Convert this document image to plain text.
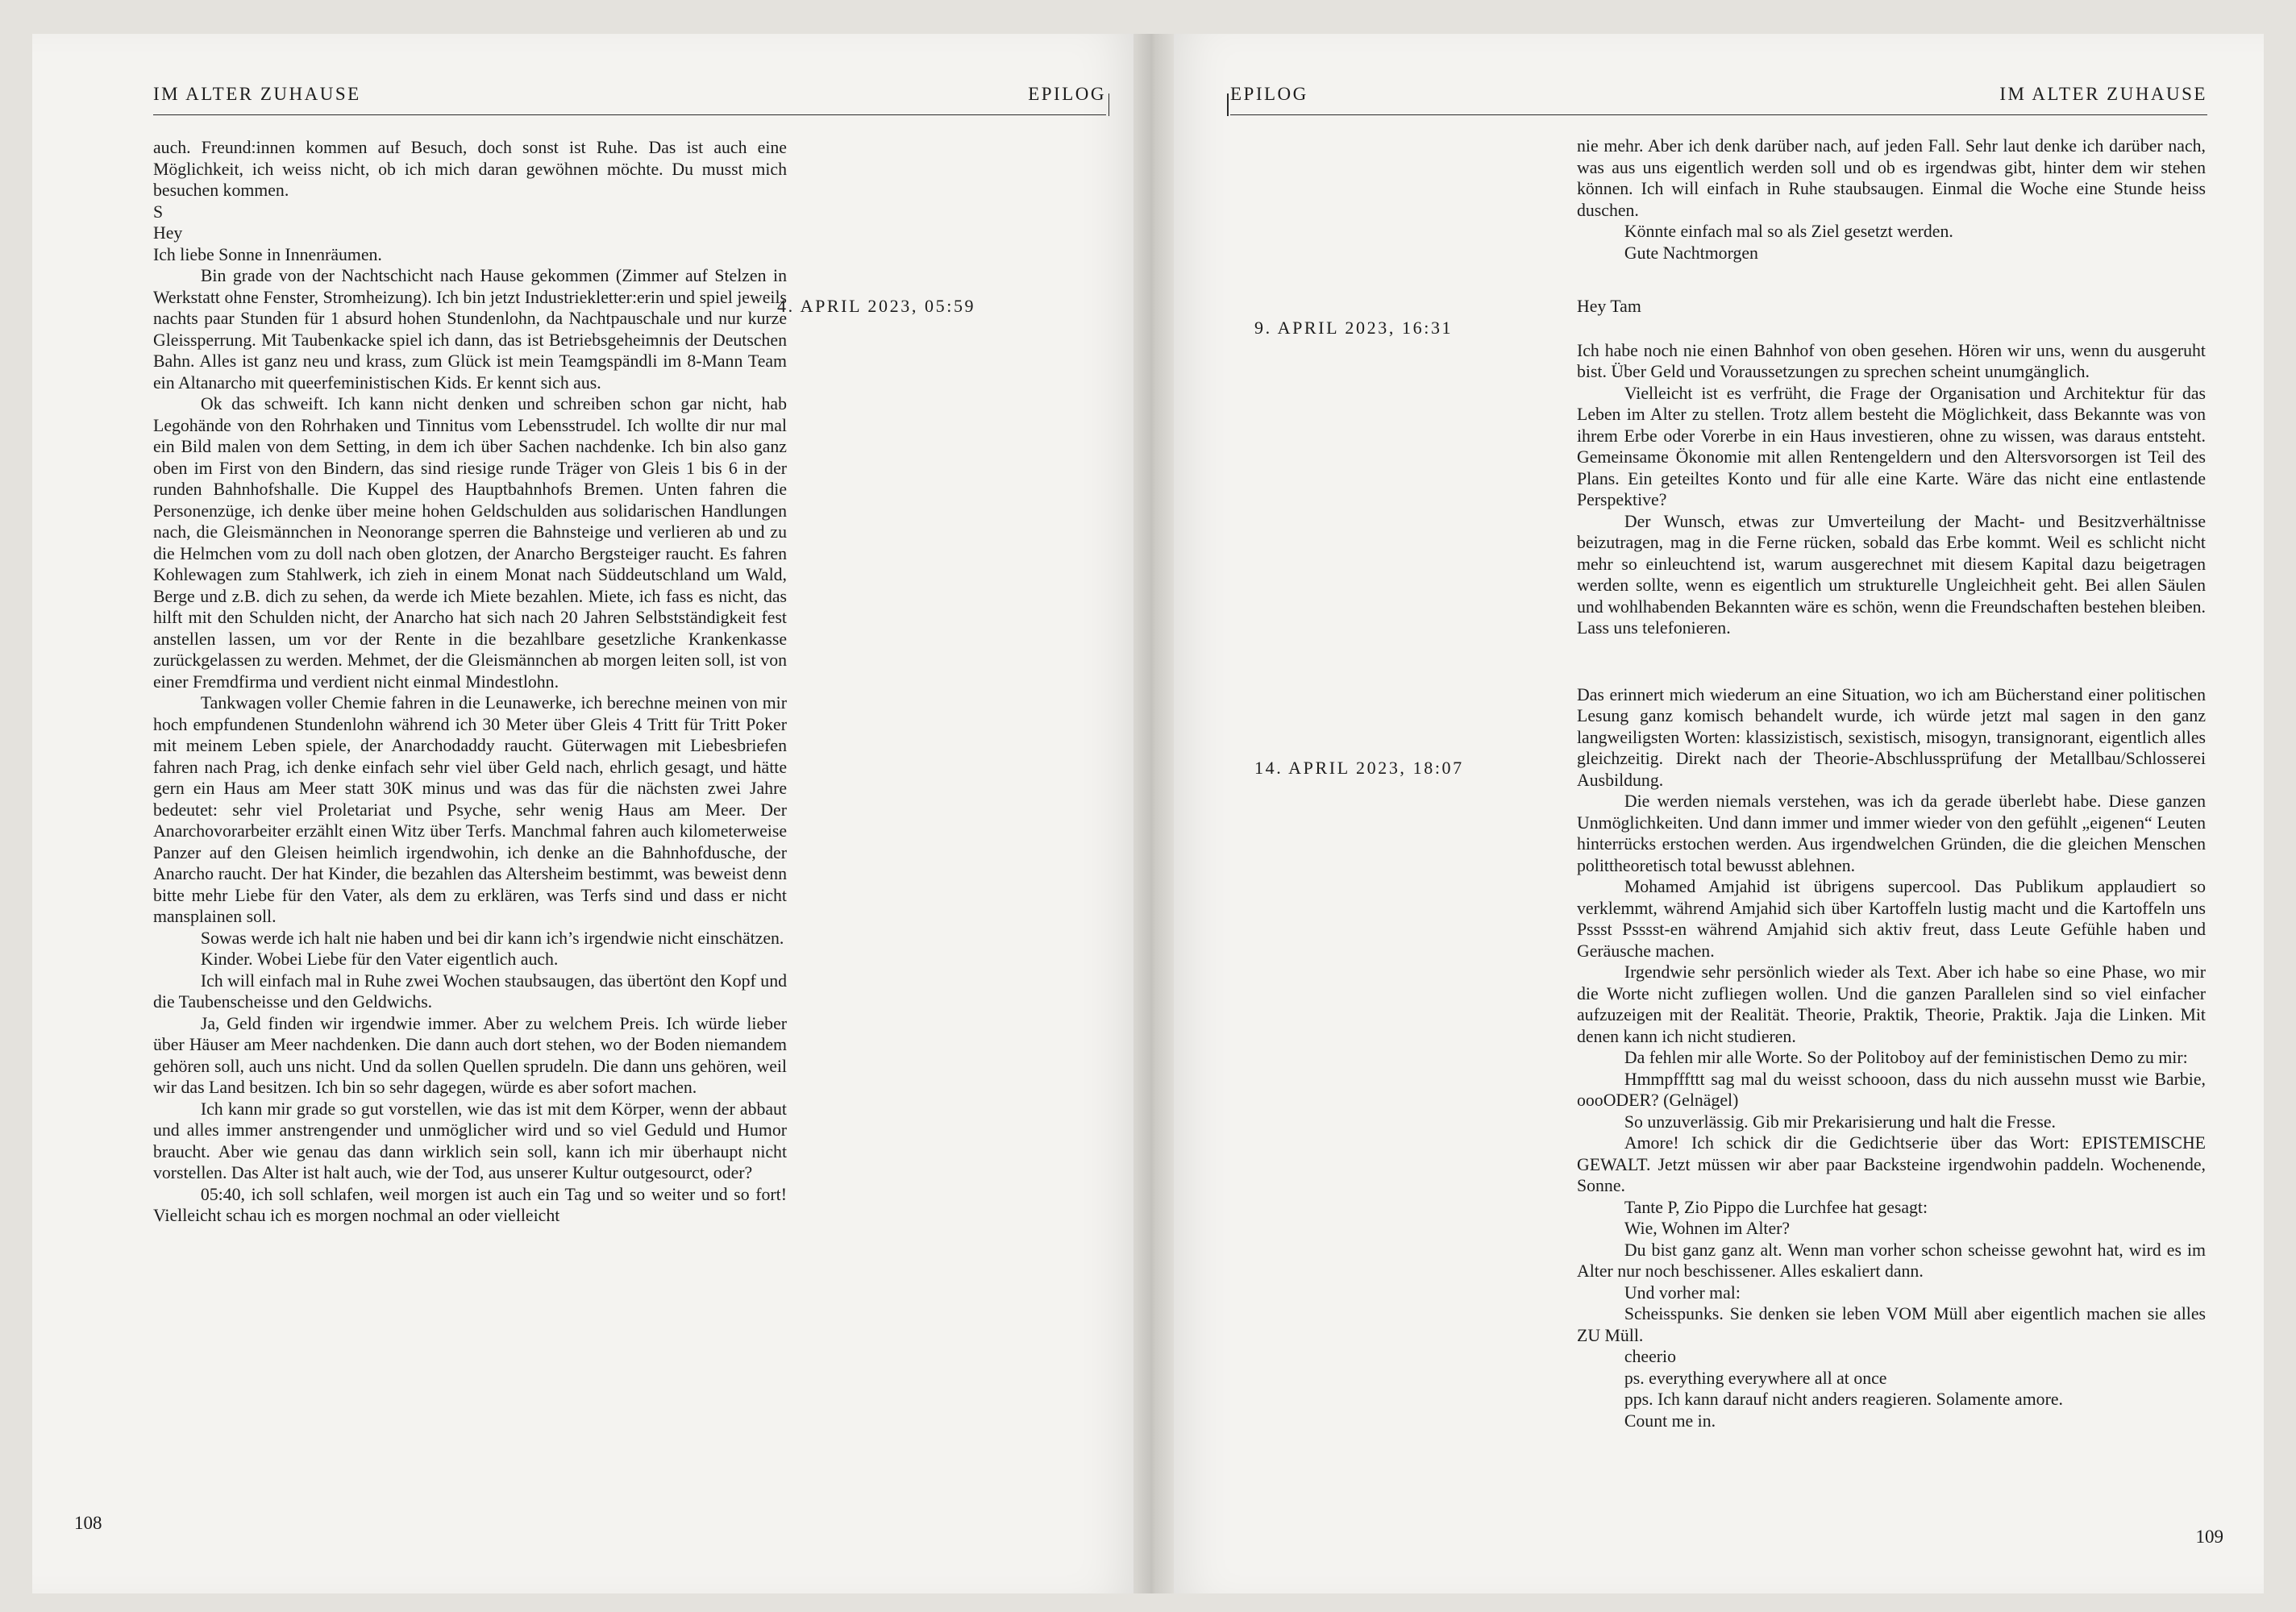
IM ALTER ZUHAUSE	EPILOG

auch. Freund:innen kommen auf Besuch, doch sonst ist Ruhe. Das ist auch eine Möglichkeit, ich weiss nicht, ob ich mich daran gewöhnen möchte. Du musst mich besuchen kommen.

S

Hey

Ich liebe Sonne in Innenräumen.

Bin grade von der Nachtschicht nach Hause gekommen (Zimmer auf Stelzen in Werkstatt ohne Fenster, Stromheizung). Ich bin jetzt Industriekletter:erin und spiel jeweils nachts paar Stunden für 1 absurd hohen Stundenlohn, da Nachtpauschale und nur kurze Gleissperrung. Mit Taubenkacke spiel ich dann, das ist Betriebsgeheimnis der Deutschen Bahn. Alles ist ganz neu und krass, zum Glück ist mein Teamgspändli im 8-Mann Team ein Altanarcho mit queerfeministischen Kids. Er kennt sich aus.

Ok das schweift. Ich kann nicht denken und schreiben schon gar nicht, hab Legohände von den Rohrhaken und Tinnitus vom Lebensstrudel. Ich wollte dir nur mal ein Bild malen von dem Setting, in dem ich über Sachen nachdenke. Ich bin also ganz oben im First von den Bindern, das sind riesige runde Träger von Gleis 1 bis 6 in der runden Bahnhofshalle. Die Kuppel des Hauptbahnhofs Bremen. Unten fahren die Personenzüge, ich denke über meine hohen Geldschulden aus solidarischen Handlungen nach, die Gleismännchen in Neonorange sperren die Bahnsteige und verlieren ab und zu die Helmchen vom zu doll nach oben glotzen, der Anarcho Bergsteiger raucht. Es fahren Kohlewagen zum Stahlwerk, ich zieh in einem Monat nach Süddeutschland um Wald, Berge und z.B. dich zu sehen, da werde ich Miete bezahlen. Miete, ich fass es nicht, das hilft mit den Schulden nicht, der Anarcho hat sich nach 20 Jahren Selbstständigkeit fest anstellen lassen, um vor der Rente in die bezahlbare gesetzliche Krankenkasse zurückgelassen zu werden. Mehmet, der die Gleismännchen ab morgen leiten soll, ist von einer Fremdfirma und verdient nicht einmal Mindestlohn.

Tankwagen voller Chemie fahren in die Leunawerke, ich berechne meinen von mir hoch empfundenen Stundenlohn während ich 30 Meter über Gleis 4 Tritt für Tritt Poker mit meinem Leben spiele, der Anarchodaddy raucht. Güterwagen mit Liebesbriefen fahren nach Prag, ich denke einfach sehr viel über Geld nach, ehrlich gesagt, und hätte gern ein Haus am Meer statt 30K minus und was das für die nächsten zwei Jahre bedeutet: sehr viel Proletariat und Psyche, sehr wenig Haus am Meer. Der Anarchovorarbeiter erzählt einen Witz über Terfs. Manchmal fahren auch kilometerweise Panzer auf den Gleisen heimlich irgendwohin, ich denke an die Bahnhofdusche, der Anarcho raucht. Der hat Kinder, die bezahlen das Altersheim bestimmt, was beweist denn bitte mehr Liebe für den Vater, als dem zu erklären, was Terfs sind und dass er nicht mansplainen soll.

Sowas werde ich halt nie haben und bei dir kann ich’s irgendwie nicht einschätzen.

Kinder. Wobei Liebe für den Vater eigentlich auch.

Ich will einfach mal in Ruhe zwei Wochen staubsaugen, das übertönt den Kopf und die Taubenscheisse und den Geldwichs.

Ja, Geld finden wir irgendwie immer. Aber zu welchem Preis. Ich würde lieber über Häuser am Meer nachdenken. Die dann auch dort stehen, wo der Boden niemandem gehören soll, auch uns nicht. Und da sollen Quellen sprudeln. Die dann uns gehören, weil wir das Land besitzen. Ich bin so sehr dagegen, würde es aber sofort machen.

Ich kann mir grade so gut vorstellen, wie das ist mit dem Körper, wenn der abbaut und alles immer anstrengender und unmöglicher wird und so viel Geduld und Humor braucht. Aber wie genau das dann wirklich sein soll, kann ich mir überhaupt nicht vorstellen. Das Alter ist halt auch, wie der Tod, aus unserer Kultur outgesourct, oder?

05:40, ich soll schlafen, weil morgen ist auch ein Tag und so weiter und so fort! Vielleicht schau ich es morgen nochmal an oder vielleicht

4. APRIL 2023, 05:59
108
EPILOG	IM ALTER ZUHAUSE

nie mehr. Aber ich denk darüber nach, auf jeden Fall. Sehr laut denke ich darüber nach, was aus uns eigentlich werden soll und ob es irgendwas gibt, hinter dem wir stehen können. Ich will einfach in Ruhe staubsaugen. Einmal die Woche eine Stunde heiss duschen.

Könnte einfach mal so als Ziel gesetzt werden.

Gute Nachtmorgen

Hey Tam

Ich habe noch nie einen Bahnhof von oben gesehen. Hören wir uns, wenn du ausgeruht bist. Über Geld und Voraussetzungen zu sprechen scheint unumgänglich.

Vielleicht ist es verfrüht, die Frage der Organisation und Architektur für das Leben im Alter zu stellen. Trotz allem besteht die Möglichkeit, dass Bekannte was von ihrem Erbe oder Vorerbe in ein Haus investieren, ohne zu wissen, was daraus entsteht. Gemeinsame Ökonomie mit allen Rentengeldern und den Altersvorsorgen ist Teil des Plans. Ein geteiltes Konto und für alle eine Karte. Wäre das nicht eine entlastende Perspektive?

Der Wunsch, etwas zur Umverteilung der Macht- und Besitzverhältnisse beizutragen, mag in die Ferne rücken, sobald das Erbe kommt. Weil es schlicht nicht mehr so einleuchtend ist, warum ausgerechnet mit diesem Kapital dazu beigetragen werden sollte, wenn es eigentlich um strukturelle Ungleichheit geht. Bei allen Säulen und wohlhabenden Bekannten wäre es schön, wenn die Freundschaften bestehen bleiben. Lass uns telefonieren.

Das erinnert mich wiederum an eine Situation, wo ich am Bücherstand einer politischen Lesung ganz komisch behandelt wurde, ich würde jetzt mal sagen in den ganz langweiligsten Worten: klassizistisch, sexistisch, misogyn, transignorant, eigentlich alles gleichzeitig. Direkt nach der Theorie-Abschlussprüfung der Metallbau/Schlosserei Ausbildung.

Die werden niemals verstehen, was ich da gerade überlebt habe. Diese ganzen Unmöglichkeiten. Und dann immer und immer wieder von den gefühlt „eigenen“ Leuten hinterrücks erstochen werden. Aus irgendwelchen Gründen, die die gleichen Menschen polittheoretisch total bewusst ablehnen.

Mohamed Amjahid ist übrigens supercool. Das Publikum applaudiert so verklemmt, während Amjahid sich über Kartoffeln lustig macht und die Kartoffeln uns Pssst Psssst-en während Amjahid sich aktiv freut, dass Leute Gefühle haben und Geräusche machen.

Irgendwie sehr persönlich wieder als Text. Aber ich habe so eine Phase, wo mir die Worte nicht zufliegen wollen. Und die ganzen Parallelen sind so viel einfacher aufzuzeigen mit der Realität. Theorie, Praktik, Theorie, Praktik. Jaja die Linken. Mit denen kann ich nicht studieren.

Da fehlen mir alle Worte. So der Politoboy auf der feministischen Demo zu mir:

Hmmpfffttt sag mal du weisst schooon, dass du nich aussehn musst wie Barbie, oooODER? (Gelnägel)

So unzuverlässig. Gib mir Prekarisierung und halt die Fresse.

Amore! Ich schick dir die Gedichtserie über das Wort: EPISTEMISCHE GEWALT. Jetzt müssen wir aber paar Backsteine irgendwohin paddeln. Wochenende, Sonne.

Tante P, Zio Pippo die Lurchfee hat gesagt:

Wie, Wohnen im Alter?

Du bist ganz ganz alt. Wenn man vorher schon scheisse gewohnt hat, wird es im Alter nur noch beschissener. Alles eskaliert dann.

Und vorher mal:

Scheisspunks. Sie denken sie leben VOM Müll aber eigentlich machen sie alles ZU Müll.

cheerio

ps. everything everywhere all at once

pps. Ich kann darauf nicht anders reagieren. Solamente amore.

Count me in.

9. APRIL 2023, 16:31
14. APRIL 2023, 18:07
109
